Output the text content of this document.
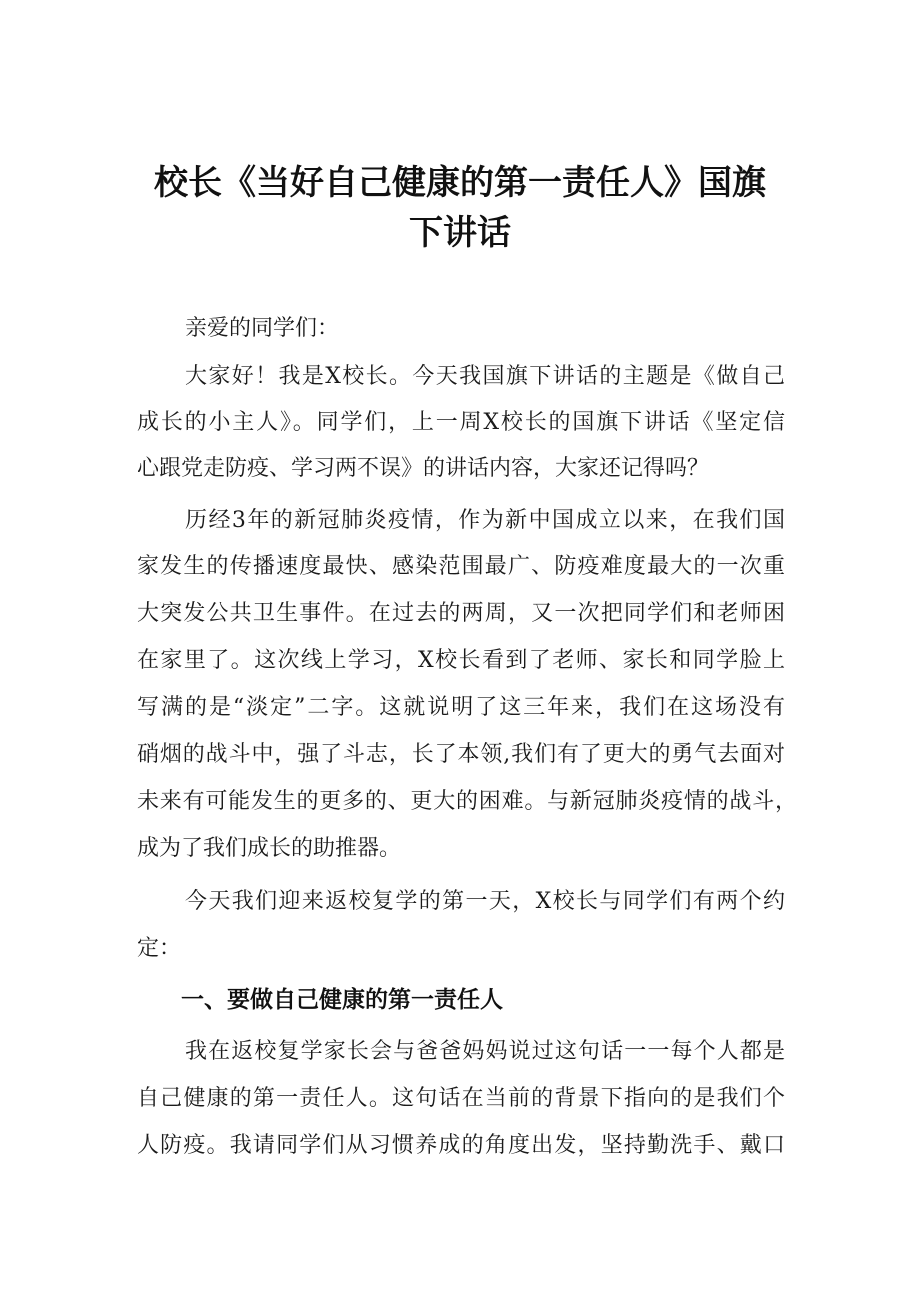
校长《当好自己健康的第一责任人》国旗
下讲话
亲爱的同学们：
大家好！我是X校长。今天我国旗下讲话的主题是《做自己
成长的小主人》。同学们，上一周X校长的国旗下讲话《坚定信
心跟党走防疫、学习两不误》的讲话内容，大家还记得吗？
历经3年的新冠肺炎疫情，作为新中国成立以来，在我们国
家发生的传播速度最快、感染范围最广、防疫难度最大的一次重
大突发公共卫生事件。在过去的两周，又一次把同学们和老师困
在家里了。这次线上学习，X校长看到了老师、家长和同学脸上
写满的是“淡定”二字。这就说明了这三年来，我们在这场没有
硝烟的战斗中，强了斗志，长了本领,我们有了更大的勇气去面对
未来有可能发生的更多的、更大的困难。与新冠肺炎疫情的战斗，
成为了我们成长的助推器。
今天我们迎来返校复学的第一天，X校长与同学们有两个约
定：
一、要做自己健康的第一责任人
我在返校复学家长会与爸爸妈妈说过这句话一一每个人都是
自己健康的第一责任人。这句话在当前的背景下指向的是我们个
人防疫。我请同学们从习惯养成的角度出发，坚持勤洗手、戴口
